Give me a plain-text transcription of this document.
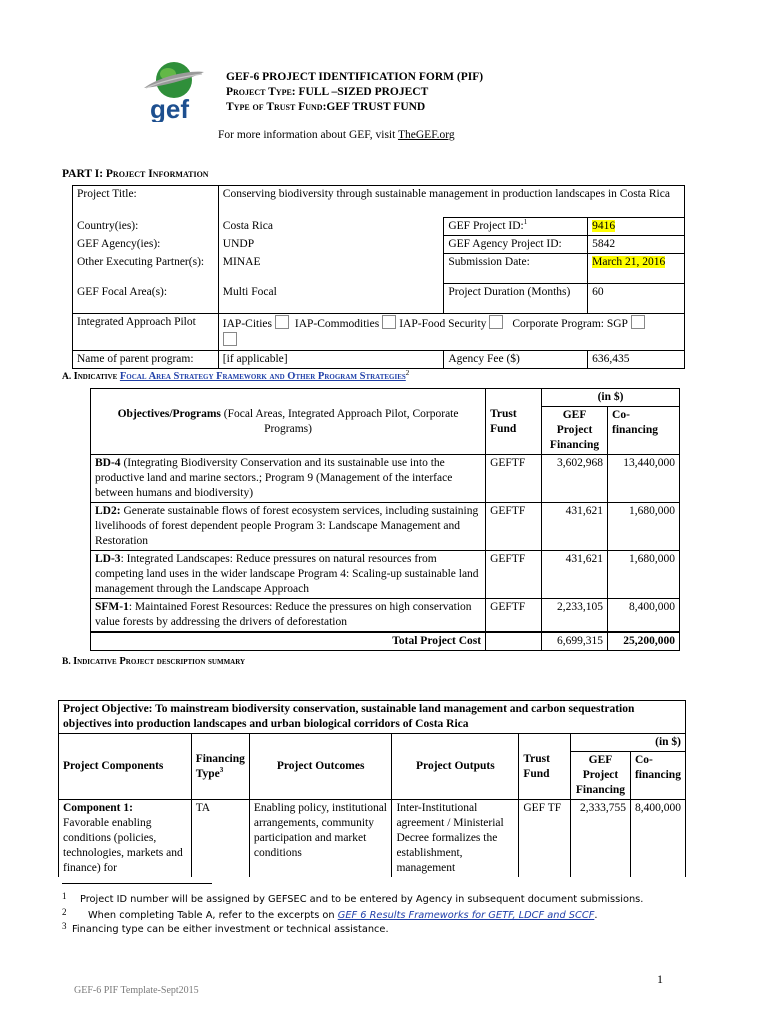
gef
GEF-6 PROJECT IDENTIFICATION FORM (PIF)
Project Type: FULL –SIZED PROJECT
Type of Trust Fund:GEF TRUST FUND
For more information about GEF, visit TheGEF.org
PART I: Project Information
Project Title:	Conserving biodiversity through sustainable management in production landscapes in Costa Rica		
Country(ies):	Costa Rica	GEF Project ID:$^1$	9416
GEF Agency(ies):	UNDP	GEF Agency Project ID:	5842
Other Executing Partner(s):	MINAE	Submission Date:	March 21, 2016
GEF Focal Area(s):	Multi Focal	Project Duration (Months)	60
Integrated Approach Pilot	IAP-Cities IAP-Commodities IAP-Food Security Corporate Program: SGP		

Name of parent program:	[if applicable]	Agency Fee ($)	636,435
A. Indicative Focal Area Strategy Framework and Other Program Strategies$^2$
Objectives/Programs (Focal Areas, Integrated Approach Pilot, Corporate Programs)	Trust Fund	(in $)	
		GEF Project Financing	Co-financing
BD-4 (Integrating Biodiversity Conservation and its sustainable use into the productive land and marine sectors.; Program 9 (Management of the interface between humans and biodiversity)	GEFTF	3,602,968	13,440,000
LD2: Generate sustainable flows of forest ecosystem services, including sustaining livelihoods of forest dependent people Program 3: Landscape Management and Restoration	GEFTF	431,621	1,680,000
LD-3: Integrated Landscapes: Reduce pressures on natural resources from competing land uses in the wider landscape Program 4: Scaling-up sustainable land management through the Landscape Approach	GEFTF	431,621	1,680,000
SFM-1: Maintained Forest Resources: Reduce the pressures on high conservation value forests by addressing the drivers of deforestation	GEFTF	2,233,105	8,400,000
Total Project Cost		6,699,315	25,200,000
B. Indicative Project description summary
Project Objective: To mainstream biodiversity conservation, sustainable land management and carbon sequestration objectives into production landscapes and urban biological corridors of Costa Rica						
Project Components	Financing Type$^3$	Project Outcomes	Project Outputs	Trust Fund	(in $)	
					GEF Project Financing	Co-financing
Component 1:
Favorable enabling conditions (policies, technologies, markets and finance) for	TA	Enabling policy, institutional arrangements, community participation and market conditions	Inter-Institutional agreement / Ministerial Decree formalizes the establishment, management	GEF TF	2,333,755	8,400,000
1 Project ID number will be assigned by GEFSEC and to be entered by Agency in subsequent document submissions.
2 When completing Table A, refer to the excerpts on GEF 6 Results Frameworks for GETF, LDCF and SCCF.
3 Financing type can be either investment or technical assistance.
1
GEF-6 PIF Template-Sept2015
